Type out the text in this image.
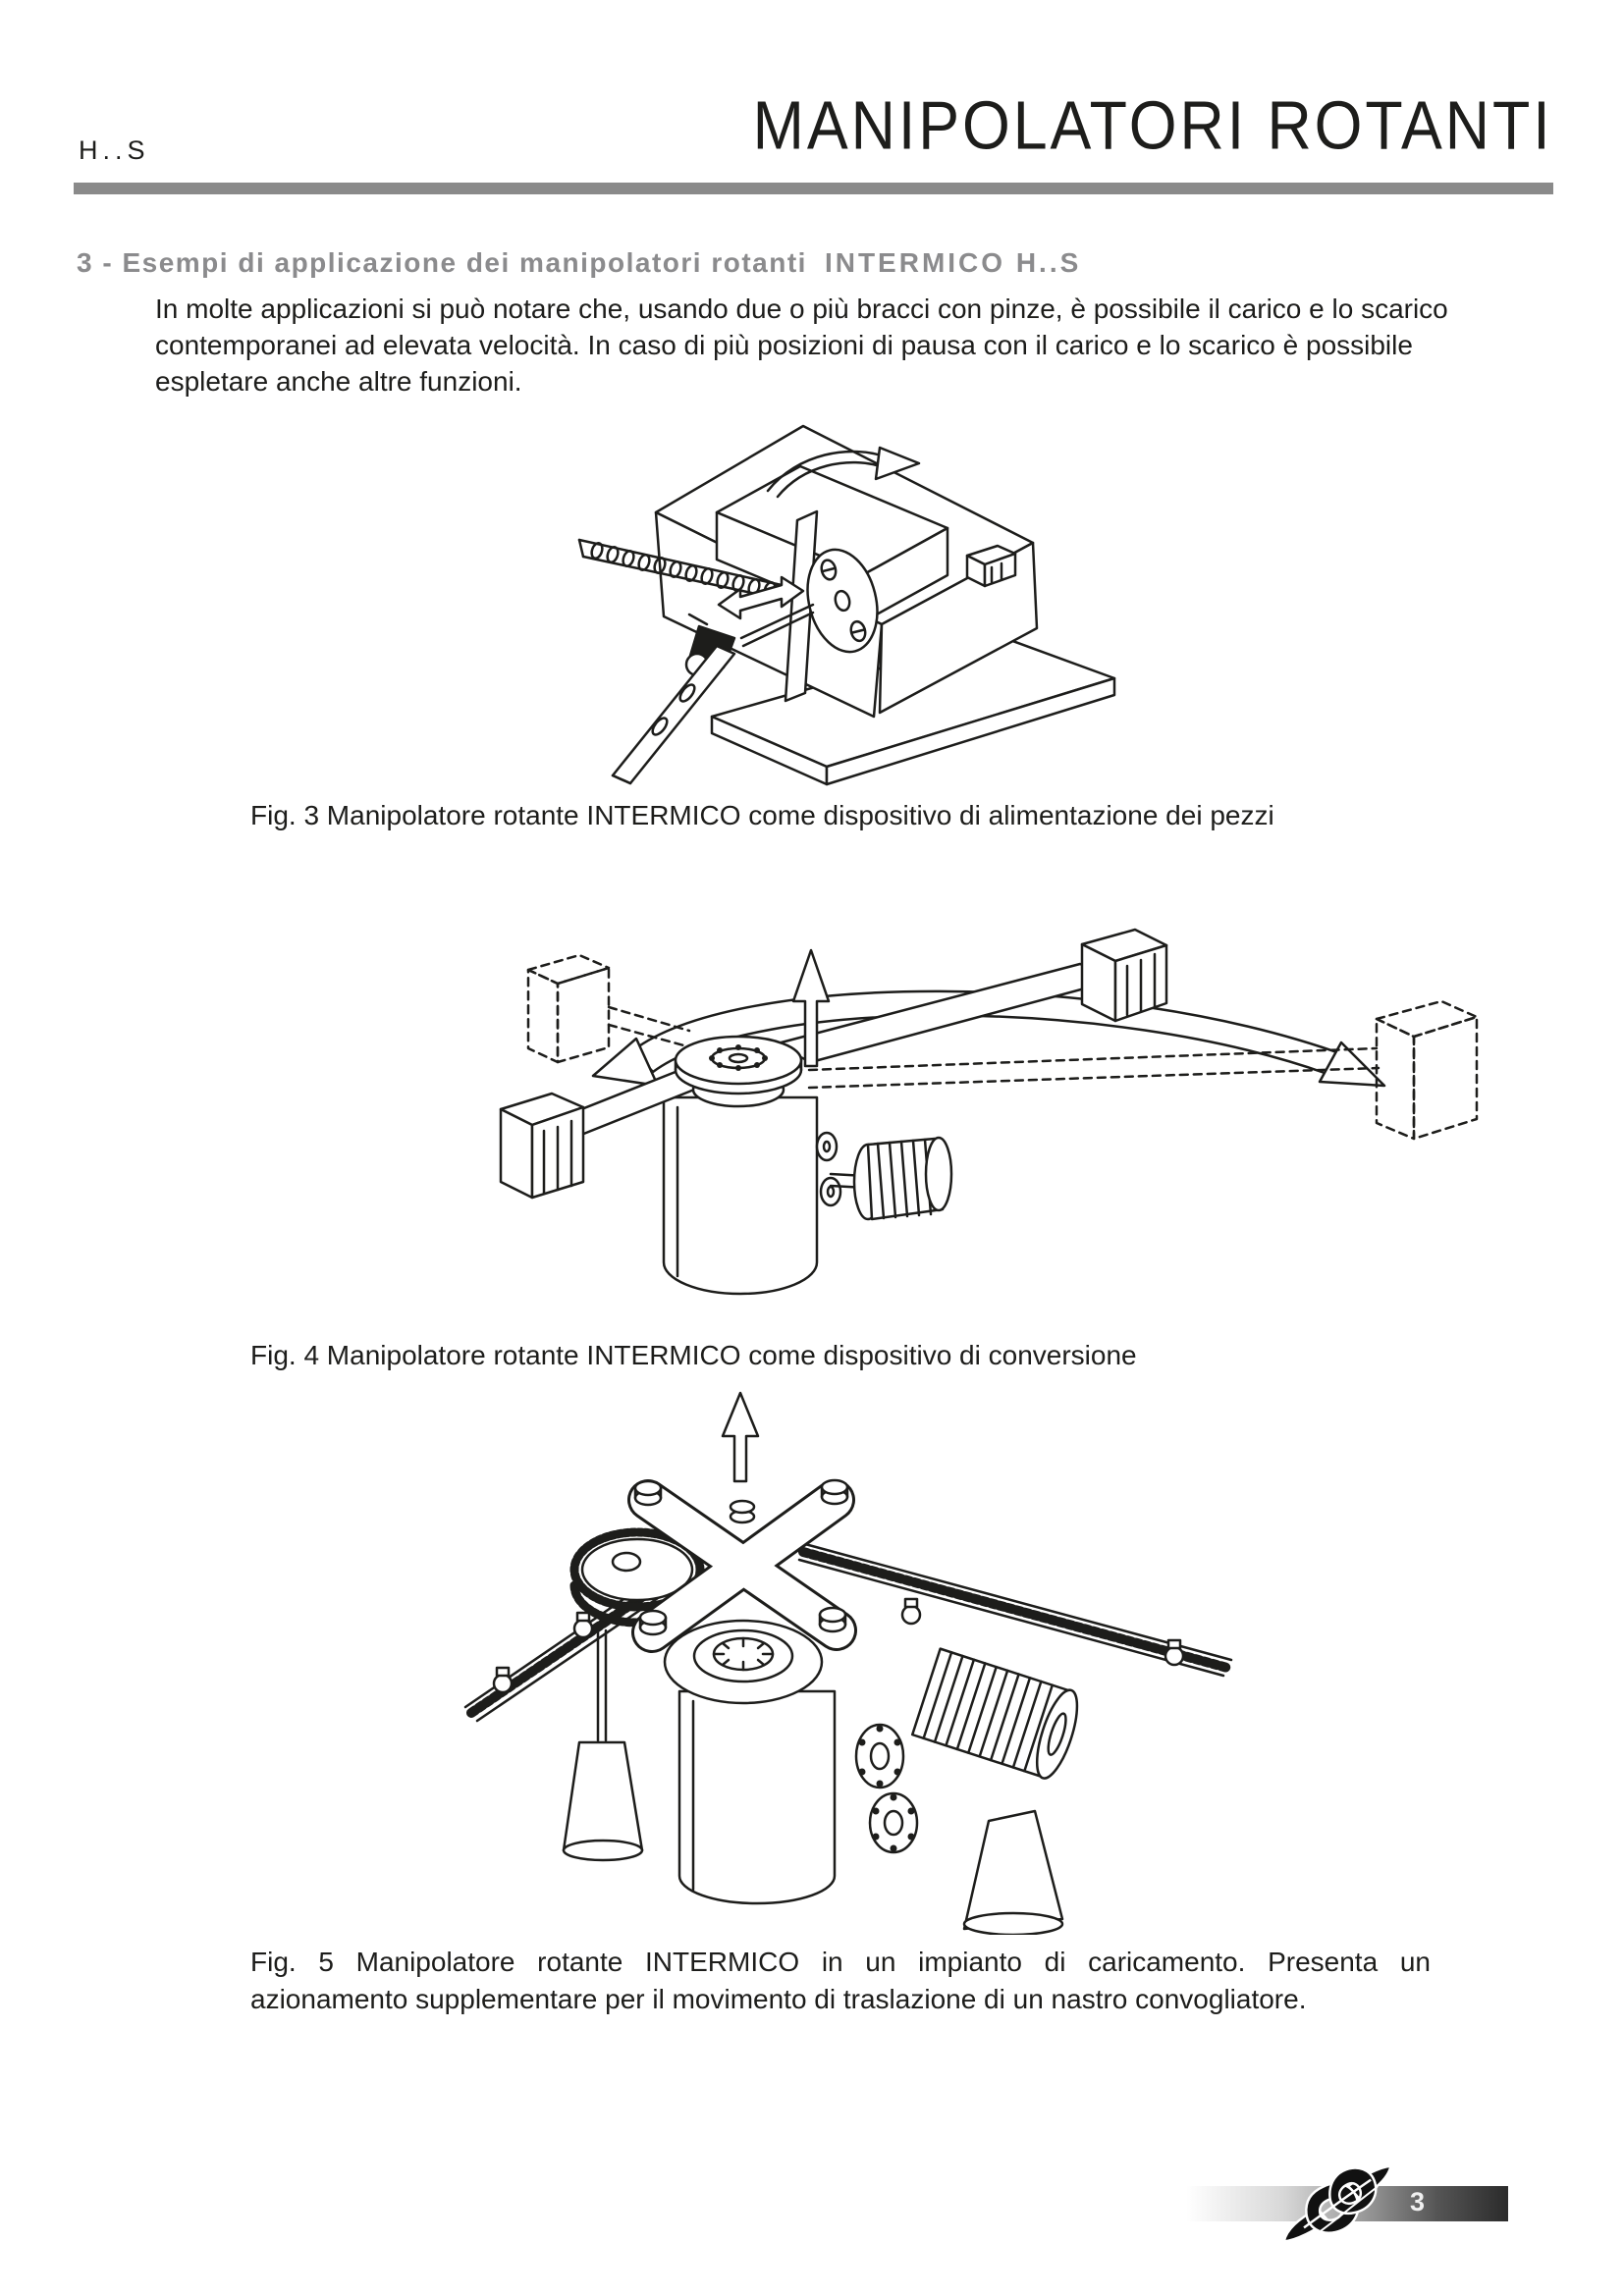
H..S	MANIPOLATORI ROTANTI
3 - Esempi di applicazione dei manipolatori rotanti INTERMICO H..S

In molte applicazioni si può notare che, usando due o più bracci con pinze, è possibile il carico e lo scarico contemporanei ad elevata velocità. In caso di più posizioni di pausa con il carico e lo scarico è possibile espletare anche altre funzioni.

Fig. 3 Manipolatore rotante INTERMICO come dispositivo di alimentazione dei pezzi

Fig. 4 Manipolatore rotante INTERMICO come dispositivo di conversione

Fig. 5 Manipolatore rotante INTERMICO in un impianto di caricamento. Presenta un azionamento supplementare per il movimento di traslazione di un nastro convogliatore.

3
